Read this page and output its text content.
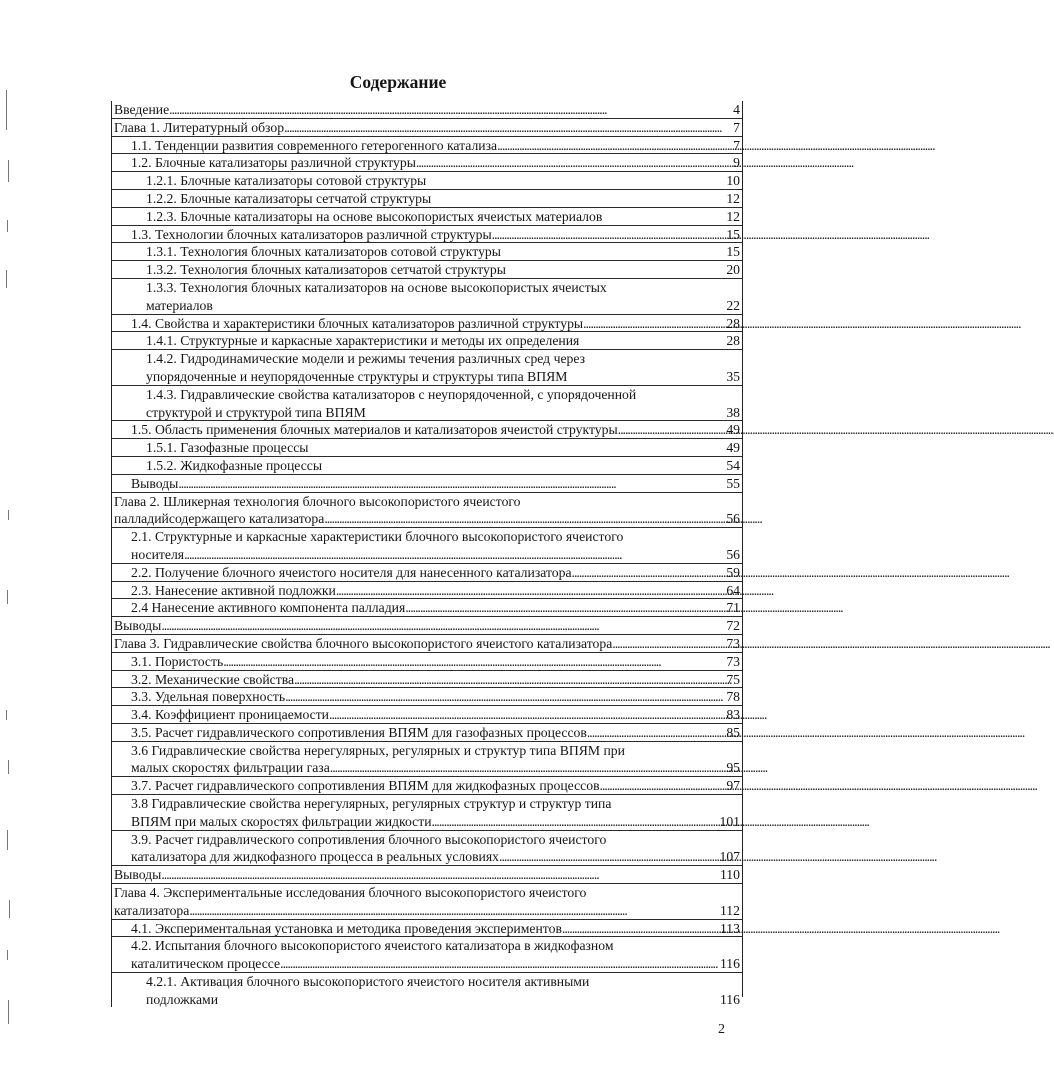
Содержание
Введение . . .	4
Глава 1. Литературный обзор . . .	7
1.1. Тенденции развития современного гетерогенного катализа . . .	7
1.2. Блочные катализаторы различной структуры . . .	9
1.2.1. Блочные катализаторы сотовой структуры	10
1.2.2. Блочные катализаторы сетчатой структуры	12
1.2.3. Блочные катализаторы на основе высокопористых ячеистых материалов	12
1.3. Технологии блочных катализаторов различной структуры . . .	15
1.3.1. Технология блочных катализаторов сотовой структуры	15
1.3.2. Технология блочных катализаторов сетчатой структуры	20
1.3.3. Технология блочных катализаторов на основе высокопористых ячеистых
материалов	22
1.4. Свойства и характеристики блочных катализаторов различной структуры . . .	28
1.4.1. Структурные и каркасные характеристики и методы их определения	28
1.4.2. Гидродинамические модели и режимы течения различных сред через
упорядоченные и неупорядоченные структуры и структуры типа ВПЯМ	35
1.4.3. Гидравлические свойства катализаторов с неупорядоченной, с упорядоченной
структурой и структурой типа ВПЯМ	38
1.5. Область применения блочных материалов и катализаторов ячеистой структуры . . .	49
1.5.1. Газофазные процессы	49
1.5.2. Жидкофазные процессы	54
Выводы . . .	55
Глава 2. Шликерная технология блочного высокопористого ячеистого
палладийсодержащего катализатора . . .	56
2.1. Структурные и каркасные характеристики блочного высокопористого ячеистого
носителя . . .	56
2.2. Получение блочного ячеистого носителя для нанесенного катализатора . . .	59
2.3. Нанесение активной подложки . . .	64
2.4 Нанесение активного компонента палладия . . .	71
Выводы . . .	72
Глава 3. Гидравлические свойства блочного высокопористого ячеистого катализатора . . .	73
3.1. Пористость . . .	73
3.2. Механические свойства . . .	75
3.3. Удельная поверхность . . .	78
3.4. Коэффициент проницаемости . . .	83
3.5. Расчет гидравлического сопротивления ВПЯМ для газофазных процессов . . .	85
3.6 Гидравлические свойства нерегулярных, регулярных и структур типа ВПЯМ при
малых скоростях фильтрации газа . . .	95
3.7. Расчет гидравлического сопротивления ВПЯМ для жидкофазных процессов . . .	97
3.8 Гидравлические свойства нерегулярных, регулярных структур и структур типа
ВПЯМ при малых скоростях фильтрации жидкости . . .	101
3.9. Расчет гидравлического сопротивления блочного высокопористого ячеистого
катализатора для жидкофазного процесса в реальных условиях . . .	107
Выводы . . .	110
Глава 4. Экспериментальные исследования блочного высокопористого ячеистого
катализатора . . .	112
4.1. Экспериментальная установка и методика проведения экспериментов . . .	113
4.2. Испытания блочного высокопористого ячеистого катализатора в жидкофазном
каталитическом процессе . . .	116
4.2.1. Активация блочного высокопористого ячеистого носителя активными
подложками	116
2
